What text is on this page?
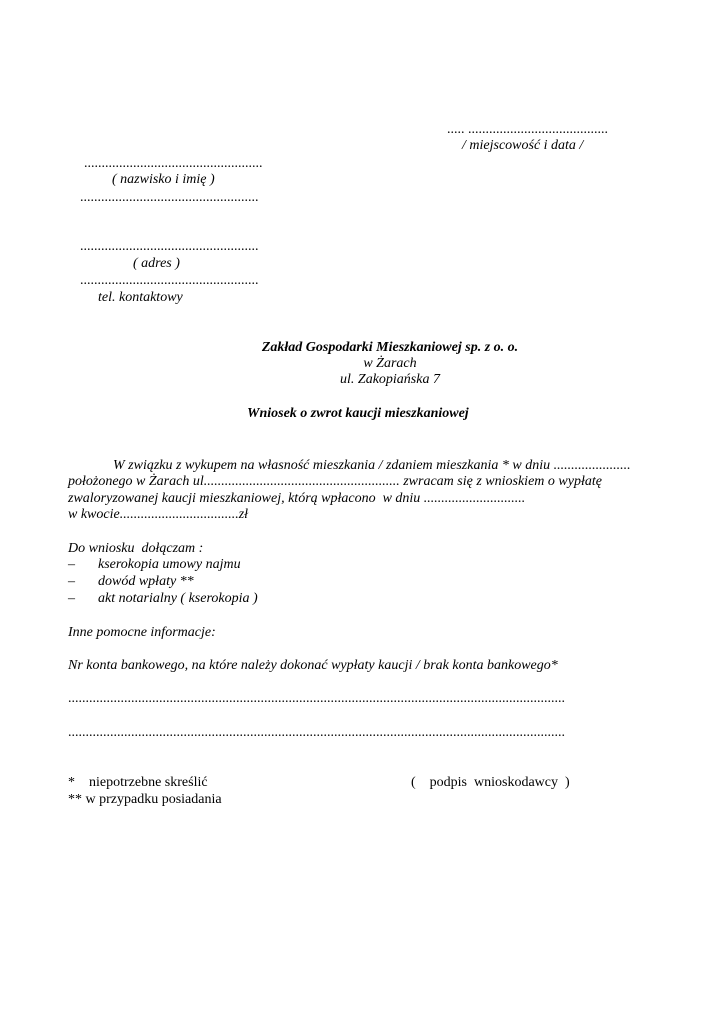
..... ........................................
/ miejscowość i data /
...................................................
( nazwisko i imię )
...................................................
...................................................
( adres )
...................................................
tel. kontaktowy
Zakład Gospodarki Mieszkaniowej sp. z o. o.
w Żarach
ul. Zakopiańska 7
Wniosek o zwrot kaucji mieszkaniowej
W związku z wykupem na własność mieszkania / zdaniem mieszkania * w dniu ......................
położonego w Żarach ul........................................................ zwracam się z wnioskiem o wypłatę
zwaloryzowanej kaucji mieszkaniowej, którą wpłacono  w dniu .............................
w kwocie..................................zł
Do wniosku  dołączam :
– kserokopia umowy najmu
– dowód wpłaty **
– akt notarialny ( kserokopia )
Inne pomocne informacje:
Nr konta bankowego, na które należy dokonać wypłaty kaucji / brak konta bankowego*
..............................................................................................................................................
..............................................................................................................................................
*    niepotrzebne skreślić
** w przypadku posiadania
(    podpis  wnioskodawcy  )
